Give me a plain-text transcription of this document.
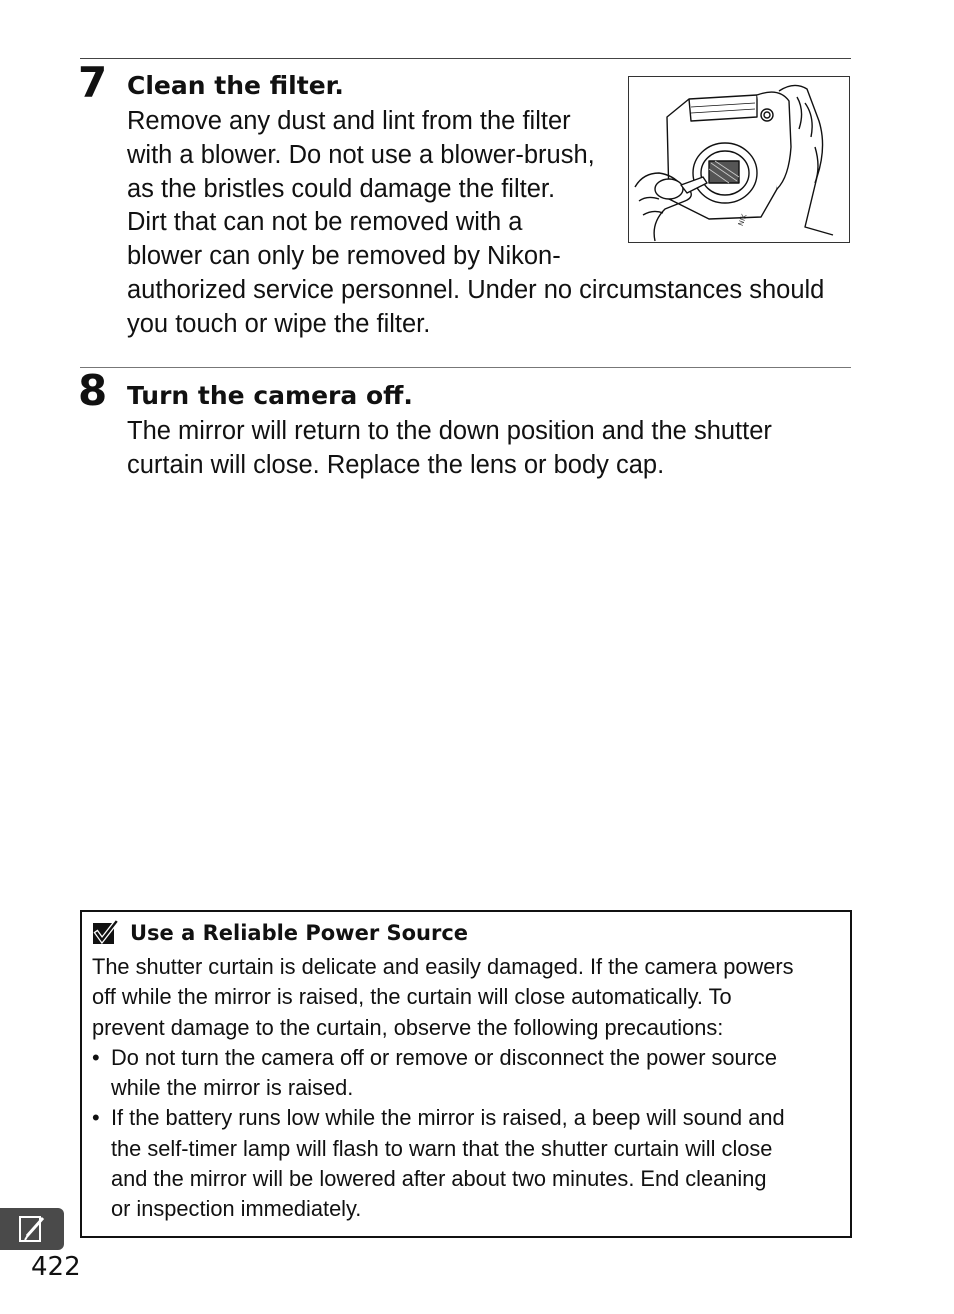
7 Clean the filter.
Remove any dust and lint from the filter
with a blower. Do not use a blower-brush,
as the bristles could damage the filter.
Dirt that can not be removed with a
blower can only be removed by Nikon-
authorized service personnel. Under no circumstances should
you touch or wipe the filter.
NIK
8 Turn the camera off.
The mirror will return to the down position and the shutter
curtain will close. Replace the lens or body cap.
Use a Reliable Power Source
The shutter curtain is delicate and easily damaged. If the camera powers
off while the mirror is raised, the curtain will close automatically. To
prevent damage to the curtain, observe the following precautions:
• Do not turn the camera off or remove or disconnect the power source
while the mirror is raised.
• If the battery runs low while the mirror is raised, a beep will sound and
the self-timer lamp will flash to warn that the shutter curtain will close
and the mirror will be lowered after about two minutes. End cleaning
or inspection immediately.
422
